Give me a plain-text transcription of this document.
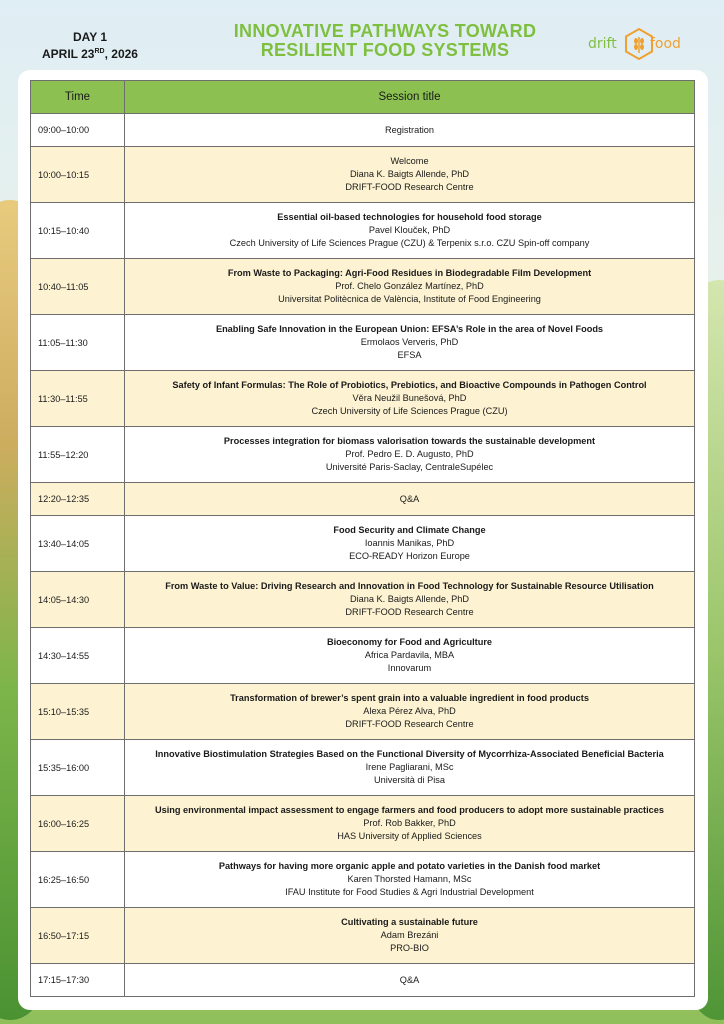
DAY 1
APRIL 23RD, 2026
INNOVATIVE PATHWAYS TOWARD
RESILIENT FOOD SYSTEMS	drift food
Time	Session title
09:00–10:00	Registration

10:00–10:15	Welcome
Diana K. Baigts Allende, PhD
DRIFT-FOOD Research Centre

10:15–10:40	Essential oil-based technologies for household food storage
Pavel Klouček, PhD
Czech University of Life Sciences Prague (CZU) & Terpenix s.r.o. CZU Spin-off company

10:40–11:05	From Waste to Packaging: Agri-Food Residues in Biodegradable Film Development
Prof. Chelo González Martínez, PhD
Universitat Politècnica de València, Institute of Food Engineering

11:05–11:30	Enabling Safe Innovation in the European Union: EFSA’s Role in the area of Novel Foods
Ermolaos Ververis, PhD
EFSA

11:30–11:55	Safety of Infant Formulas: The Role of Probiotics, Prebiotics, and Bioactive Compounds in Pathogen Control
Věra Neužil Bunešová, PhD
Czech University of Life Sciences Prague (CZU)

11:55–12:20	Processes integration for biomass valorisation towards the sustainable development
Prof. Pedro E. D. Augusto, PhD
Université Paris-Saclay, CentraleSupélec

12:20–12:35	Q&A

13:40–14:05	Food Security and Climate Change
Ioannis Manikas, PhD
ECO-READY Horizon Europe

14:05–14:30	From Waste to Value: Driving Research and Innovation in Food Technology for Sustainable Resource Utilisation
Diana K. Baigts Allende, PhD
DRIFT-FOOD Research Centre

14:30–14:55	Bioeconomy for Food and Agriculture
Africa Pardavila, MBA
Innovarum

15:10–15:35	Transformation of brewer’s spent grain into a valuable ingredient in food products
Alexa Pérez Alva, PhD
DRIFT-FOOD Research Centre

15:35–16:00	Innovative Biostimulation Strategies Based on the Functional Diversity of Mycorrhiza-Associated Beneficial Bacteria
Irene Pagliarani, MSc
Università di Pisa

16:00–16:25	Using environmental impact assessment to engage farmers and food producers to adopt more sustainable practices
Prof. Rob Bakker, PhD
HAS University of Applied Sciences

16:25–16:50	Pathways for having more organic apple and potato varieties in the Danish food market
Karen Thorsted Hamann, MSc
IFAU Institute for Food Studies & Agri Industrial Development

16:50–17:15	Cultivating a sustainable future
Adam Brezáni
PRO-BIO

17:15–17:30	Q&A
